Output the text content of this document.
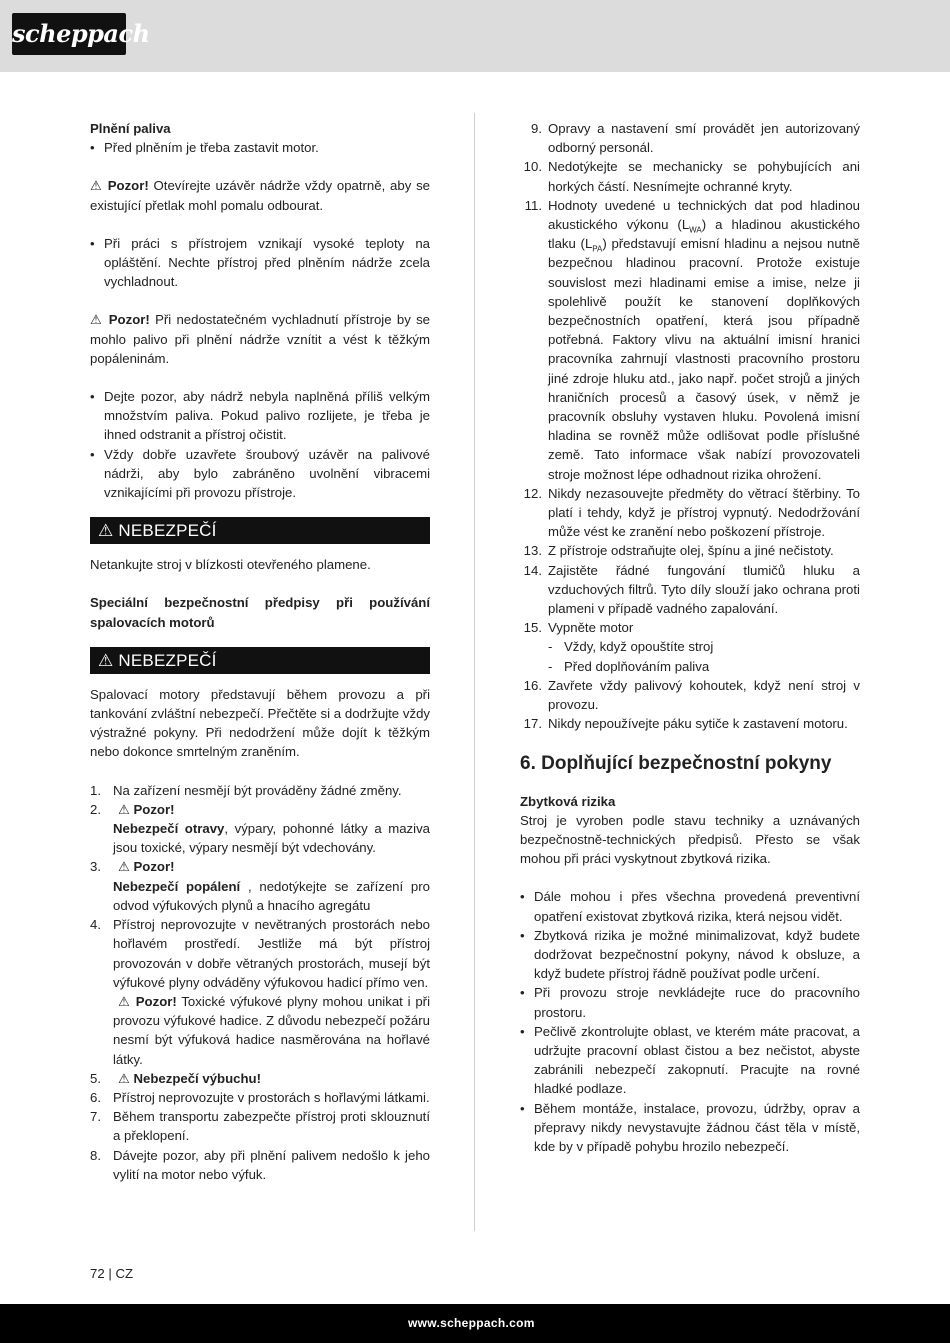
scheppach

Plnění paliva

• Před plněním je třeba zastavit motor.

⚠ Pozor! Otevírejte uzávěr nádrže vždy opatrně, aby se existující přetlak mohl pomalu odbourat.

• Při práci s přístrojem vznikají vysoké teploty na opláštění. Nechte přístroj před plněním nádrže zcela vychladnout.

⚠ Pozor! Při nedostatečném vychladnutí přístroje by se mohlo palivo při plnění nádrže vznítit a vést k těžkým popáleninám.

• Dejte pozor, aby nádrž nebyla naplněná příliš velkým množstvím paliva. Pokud palivo rozlijete, je třeba je ihned odstranit a přístroj očistit.
• Vždy dobře uzavřete šroubový uzávěr na palivové nádrži, aby bylo zabráněno uvolnění vibracemi vznikajícími při provozu přístroje.
⚠ NEBEZPEČÍ

Netankujte stroj v blízkosti otevřeného plamene.

Speciální bezpečnostní předpisy při používání spalovacích motorů

⚠ NEBEZPEČÍ

Spalovací motory představují během provozu a při tankování zvláštní nebezpečí. Přečtěte si a dodržujte vždy výstražné pokyny. Při nedodržení může dojít k těžkým nebo dokonce smrtelným zraněním.

1. Na zařízení nesmějí být prováděny žádné změny.
2.	⚠ Pozor!
Nebezpečí otravy, výpary, pohonné látky a maziva jsou toxické, výpary nesmějí být vdechovány.
3.	⚠ Pozor!
Nebezpečí popálení , nedotýkejte se zařízení pro odvod výfukových plynů a hnacího agregátu
4. Přístroj neprovozujte v nevětraných prostorách nebo hořlavém prostředí. Jestliže má být přístroj provozován v dobře větraných prostorách, musejí být výfukové plyny odváděny výfukovou hadicí přímo ven.
⚠ Pozor! Toxické výfukové plyny mohou unikat i při provozu výfukové hadice. Z důvodu nebezpečí požáru nesmí být výfuková hadice nasměrována na hořlavé látky.
5.	⚠ Nebezpečí výbuchu!
6. Přístroj neprovozujte v prostorách s hořlavými látkami.
7. Během transportu zabezpečte přístroj proti sklouznutí a překlopení.
8. Dávejte pozor, aby při plnění palivem nedošlo k jeho vylití na motor nebo výfuk.
9. Opravy a nastavení smí provádět jen autorizovaný odborný personál.
10. Nedotýkejte se mechanicky se pohybujících ani horkých částí. Nesnímejte ochranné kryty.
11. Hodnoty uvedené u technických dat pod hladinou akustického výkonu $(L_{WA})$ a hladinou akustického tlaku $(L_{PA})$ představují emisní hladinu a nejsou nutně bezpečnou hladinou pracovní. Protože existuje souvislost mezi hladinami emise a imise, nelze ji spolehlivě použít ke stanovení doplňkových bezpečnostních opatření, která jsou případně potřebná. Faktory vlivu na aktuální imisní hranici pracovníka zahrnují vlastnosti pracovního prostoru jiné zdroje hluku atd., jako např. počet strojů a jiných hraničních procesů a časový úsek, v němž je pracovník obsluhy vystaven hluku. Povolená imisní hladina se rovněž může odlišovat podle příslušné země. Tato informace však nabízí provozovateli stroje možnost lépe odhadnout rizika ohrožení.
12. Nikdy nezasouvejte předměty do větrací štěrbiny. To platí i tehdy, když je přístroj vypnutý. Nedodržování může vést ke zranění nebo poškození přístroje.
13. Z přístroje odstraňujte olej, špínu a jiné nečistoty.
14. Zajistěte řádné fungování tlumičů hluku a vzduchových filtrů. Tyto díly slouží jako ochrana proti plameni v případě vadného zapalování.
15. Vypněte motor
- Vždy, když opouštíte stroj
- Před doplňováním paliva
16. Zavřete vždy palivový kohoutek, když není stroj v provozu.
17. Nikdy nepoužívejte páku sytiče k zastavení motoru.

6. Doplňující bezpečnostní pokyny

Zbytková rizika

Stroj je vyroben podle stavu techniky a uznávaných bezpečnostně-technických předpisů. Přesto se však mohou při práci vyskytnout zbytková rizika.

• Dále mohou i přes všechna provedená preventivní opatření existovat zbytková rizika, která nejsou vidět.
• Zbytková rizika je možné minimalizovat, když budete dodržovat bezpečnostní pokyny, návod k obsluze, a když budete přístroj řádně používat podle určení.
• Při provozu stroje nevkládejte ruce do pracovního prostoru.
• Pečlivě zkontrolujte oblast, ve kterém máte pracovat, a udržujte pracovní oblast čistou a bez nečistot, abyste zabránili nebezpečí zakopnutí. Pracujte na rovné hladké podlaze.
• Během montáže, instalace, provozu, údržby, oprav a přepravy nikdy nevystavujte žádnou část těla v místě, kde by v případě pohybu hrozilo nebezpečí.
72 | CZ
www.scheppach.com
